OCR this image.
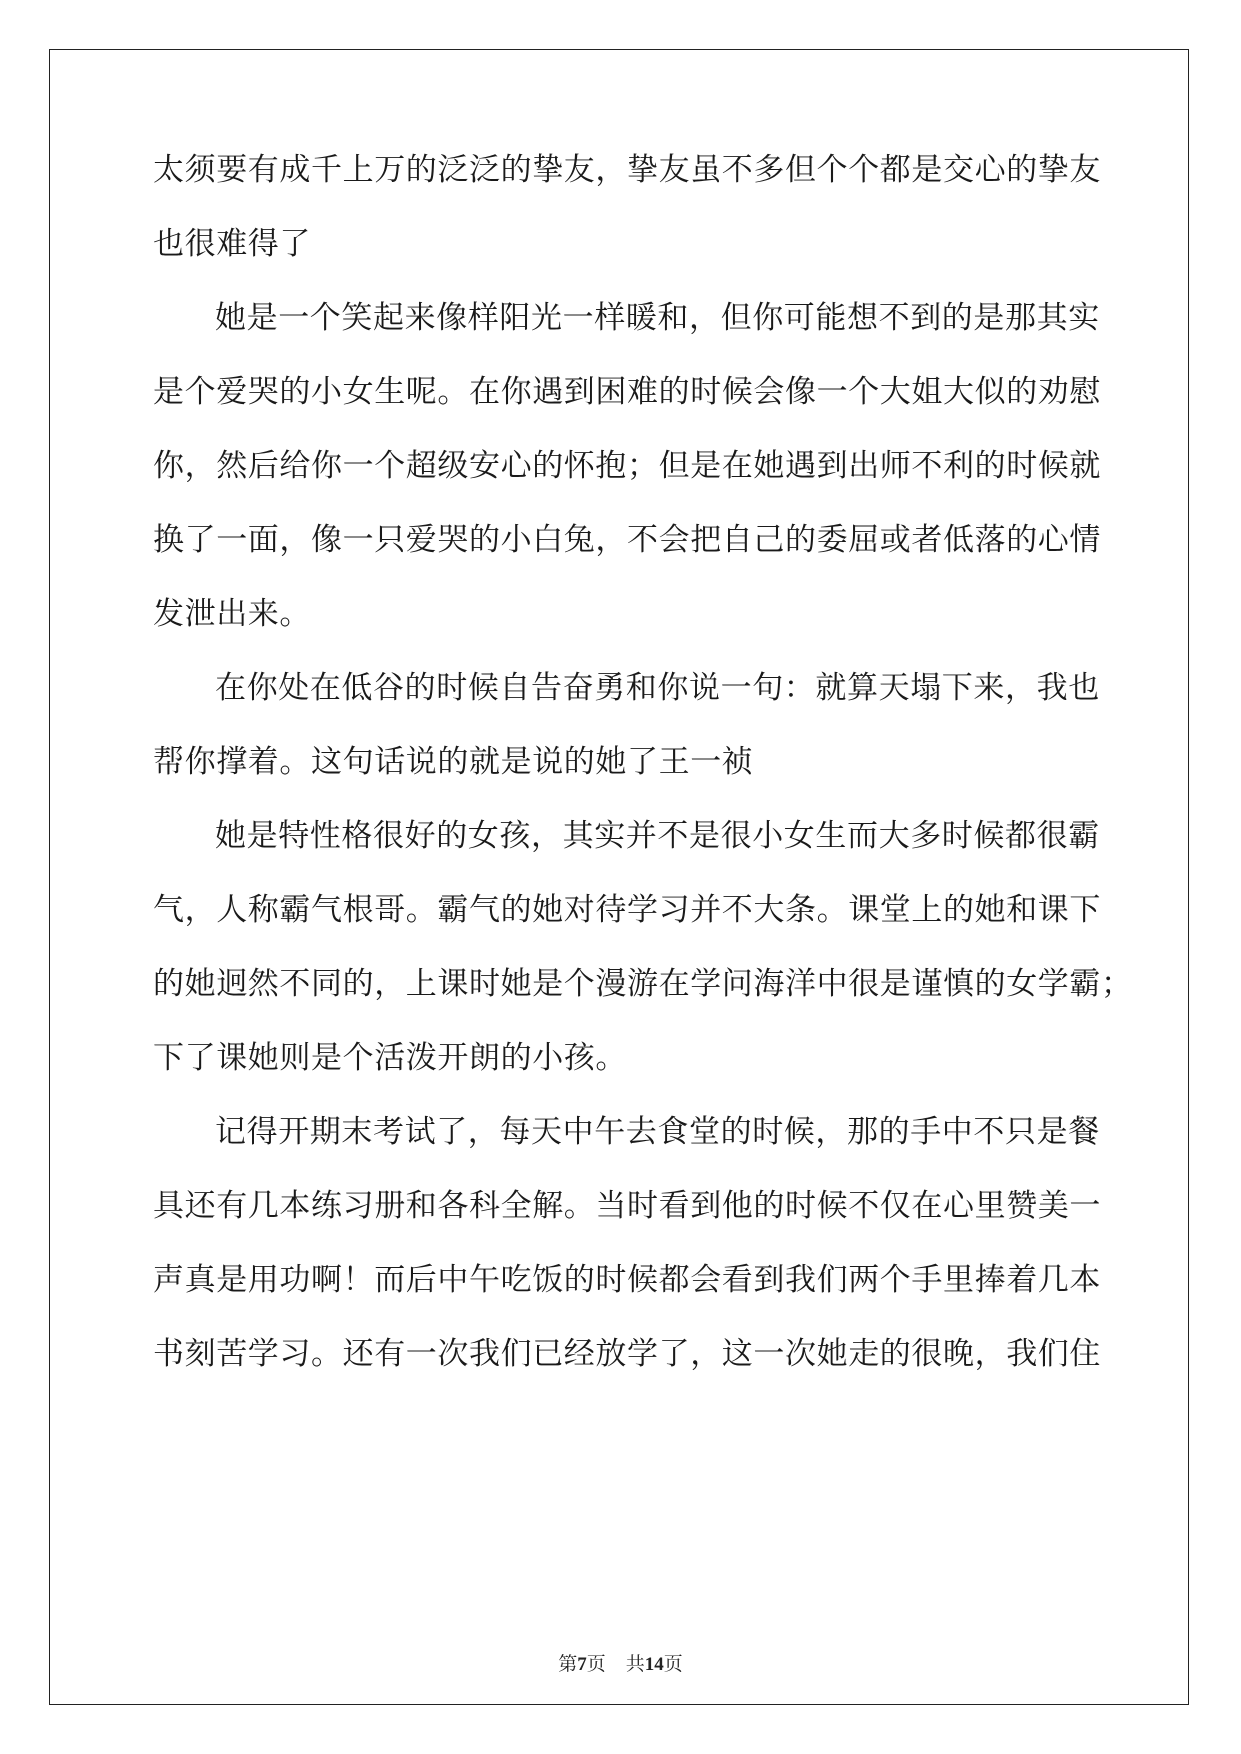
太须要有成千上万的泛泛的挚友，挚友虽不多但个个都是交心的挚友
也很难得了
她是一个笑起来像样阳光一样暖和，但你可能想不到的是那其实
是个爱哭的小女生呢。在你遇到困难的时候会像一个大姐大似的劝慰
你，然后给你一个超级安心的怀抱；但是在她遇到出师不利的时候就
换了一面，像一只爱哭的小白兔，不会把自己的委屈或者低落的心情
发泄出来。
在你处在低谷的时候自告奋勇和你说一句：就算天塌下来，我也
帮你撑着。这句话说的就是说的她了王一祯
她是特性格很好的女孩，其实并不是很小女生而大多时候都很霸
气，人称霸气根哥。霸气的她对待学习并不大条。课堂上的她和课下
的她迥然不同的，上课时她是个漫游在学问海洋中很是谨慎的女学霸；
下了课她则是个活泼开朗的小孩。
记得开期末考试了，每天中午去食堂的时候，那的手中不只是餐
具还有几本练习册和各科全解。当时看到他的时候不仅在心里赞美一
声真是用功啊！而后中午吃饭的时候都会看到我们两个手里捧着几本
书刻苦学习。还有一次我们已经放学了，这一次她走的很晚，我们住
第7页 共14页
